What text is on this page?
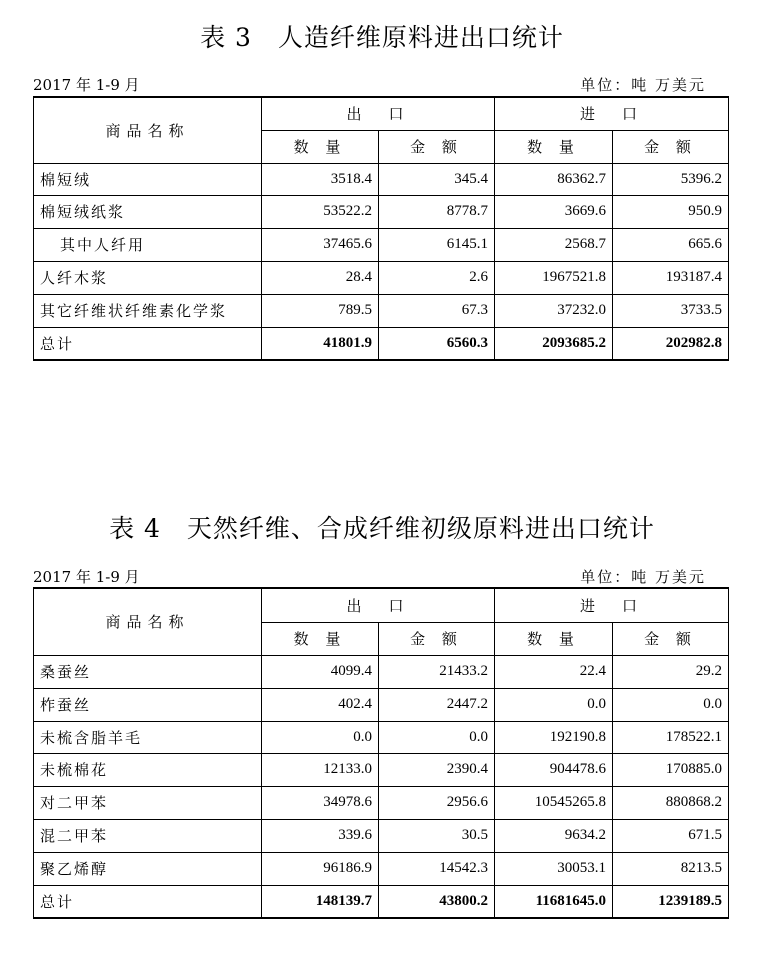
表 3　人造纤维原料进出口统计
2017 年 1-9 月	单位：吨 万美元
商品名称	出　口		进　口	
	数 量	金 额	数 量	金 额
棉短绒	3518.4	345.4	86362.7	5396.2
棉短绒纸浆	53522.2	8778.7	3669.6	950.9
其中人纤用	37465.6	6145.1	2568.7	665.6
人纤木浆	28.4	2.6	1967521.8	193187.4
其它纤维状纤维素化学浆	789.5	67.3	37232.0	3733.5
总计	41801.9	6560.3	2093685.2	202982.8
表 4　天然纤维、合成纤维初级原料进出口统计
2017 年 1-9 月	单位：吨 万美元
商品名称	出　口		进　口	
	数 量	金 额	数 量	金 额
桑蚕丝	4099.4	21433.2	22.4	29.2
柞蚕丝	402.4	2447.2	0.0	0.0
未梳含脂羊毛	0.0	0.0	192190.8	178522.1
未梳棉花	12133.0	2390.4	904478.6	170885.0
对二甲苯	34978.6	2956.6	10545265.8	880868.2
混二甲苯	339.6	30.5	9634.2	671.5
聚乙烯醇	96186.9	14542.3	30053.1	8213.5
总计	148139.7	43800.2	11681645.0	1239189.5
